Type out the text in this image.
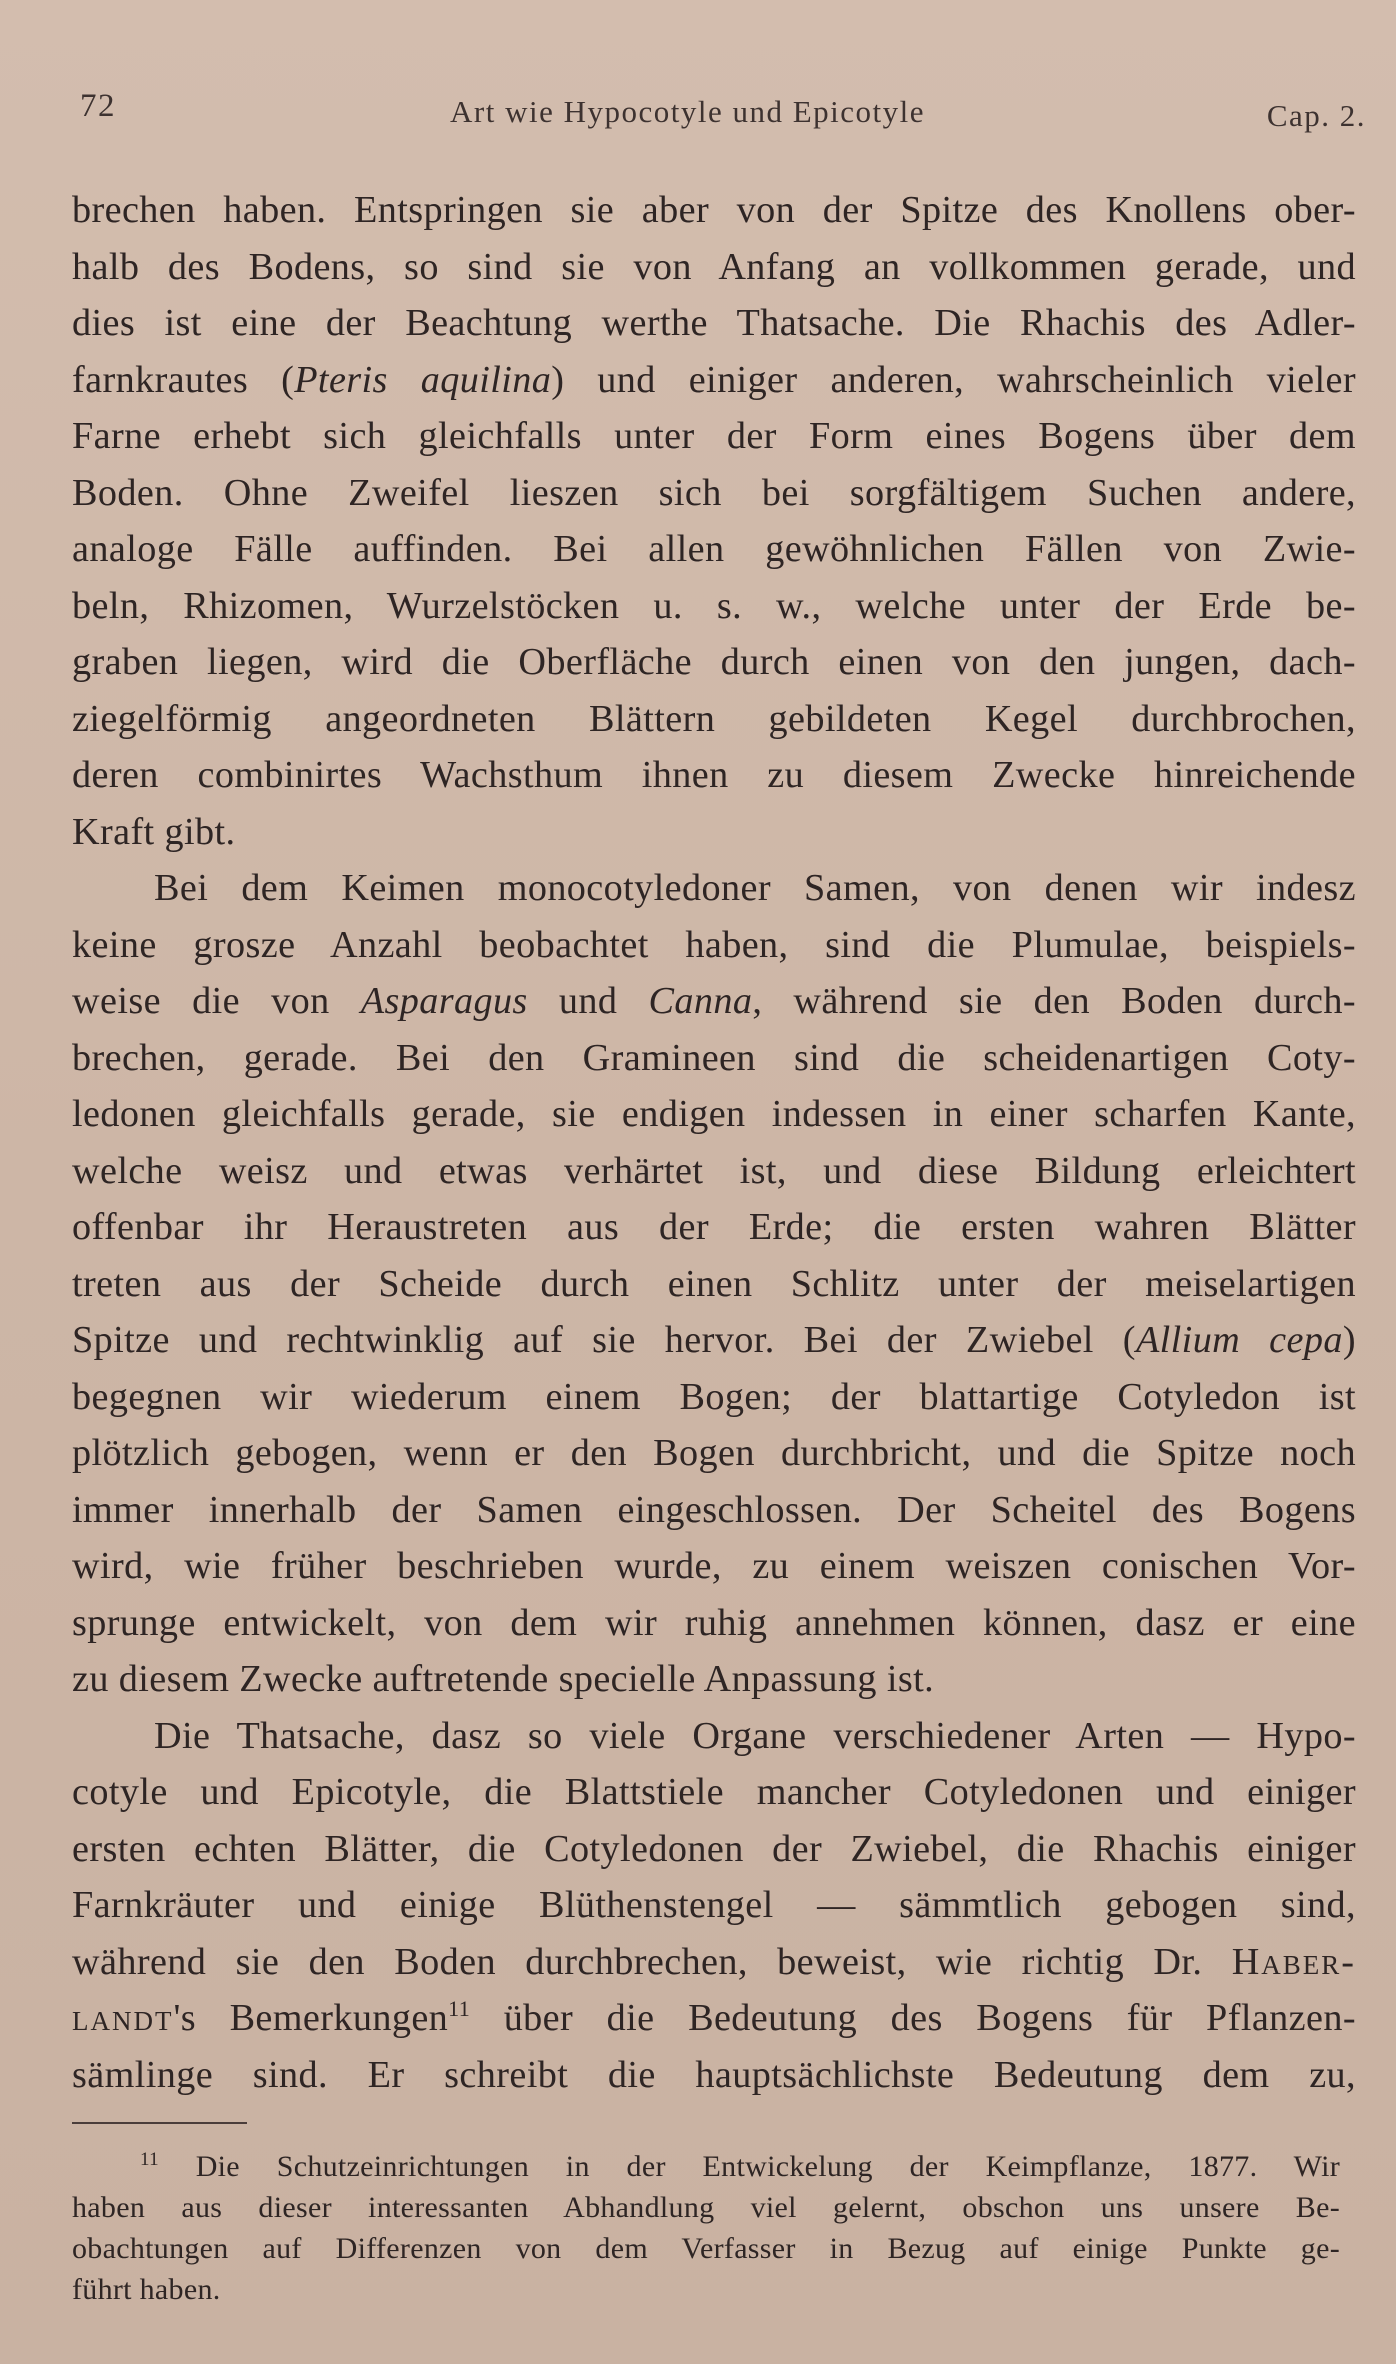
72	Art wie Hypocotyle und Epicotyle	Cap. 2.
brechen haben. Entspringen sie aber von der Spitze des Knollens ober-
halb des Bodens, so sind sie von Anfang an vollkommen gerade, und
dies ist eine der Beachtung werthe Thatsache. Die Rhachis des Adler-
farnkrautes (Pteris aquilina) und einiger anderen, wahrscheinlich vieler
Farne erhebt sich gleichfalls unter der Form eines Bogens über dem
Boden. Ohne Zweifel lieszen sich bei sorgfältigem Suchen andere,
analoge Fälle auffinden. Bei allen gewöhnlichen Fällen von Zwie-
beln, Rhizomen, Wurzelstöcken u. s. w., welche unter der Erde be-
graben liegen, wird die Oberfläche durch einen von den jungen, dach-
ziegelförmig angeordneten Blättern gebildeten Kegel durchbrochen,
deren combinirtes Wachsthum ihnen zu diesem Zwecke hinreichende
Kraft gibt.
Bei dem Keimen monocotyledoner Samen, von denen wir indesz
keine grosze Anzahl beobachtet haben, sind die Plumulae, beispiels-
weise die von Asparagus und Canna, während sie den Boden durch-
brechen, gerade. Bei den Gramineen sind die scheidenartigen Coty-
ledonen gleichfalls gerade, sie endigen indessen in einer scharfen Kante,
welche weisz und etwas verhärtet ist, und diese Bildung erleichtert
offenbar ihr Heraustreten aus der Erde; die ersten wahren Blätter
treten aus der Scheide durch einen Schlitz unter der meiselartigen
Spitze und rechtwinklig auf sie hervor. Bei der Zwiebel (Allium cepa)
begegnen wir wiederum einem Bogen; der blattartige Cotyledon ist
plötzlich gebogen, wenn er den Bogen durchbricht, und die Spitze noch
immer innerhalb der Samen eingeschlossen. Der Scheitel des Bogens
wird, wie früher beschrieben wurde, zu einem weiszen conischen Vor-
sprunge entwickelt, von dem wir ruhig annehmen können, dasz er eine
zu diesem Zwecke auftretende specielle Anpassung ist.
Die Thatsache, dasz so viele Organe verschiedener Arten — Hypo-
cotyle und Epicotyle, die Blattstiele mancher Cotyledonen und einiger
ersten echten Blätter, die Cotyledonen der Zwiebel, die Rhachis einiger
Farnkräuter und einige Blüthenstengel — sämmtlich gebogen sind,
während sie den Boden durchbrechen, beweist, wie richtig Dr. Haber-
landt's Bemerkungen$^{11}$ über die Bedeutung des Bogens für Pflanzen-
sämlinge sind. Er schreibt die hauptsächlichste Bedeutung dem zu,
$^{11}$ Die Schutzeinrichtungen in der Entwickelung der Keimpflanze, 1877. Wir
haben aus dieser interessanten Abhandlung viel gelernt, obschon uns unsere Be-
obachtungen auf Differenzen von dem Verfasser in Bezug auf einige Punkte ge-
führt haben.
